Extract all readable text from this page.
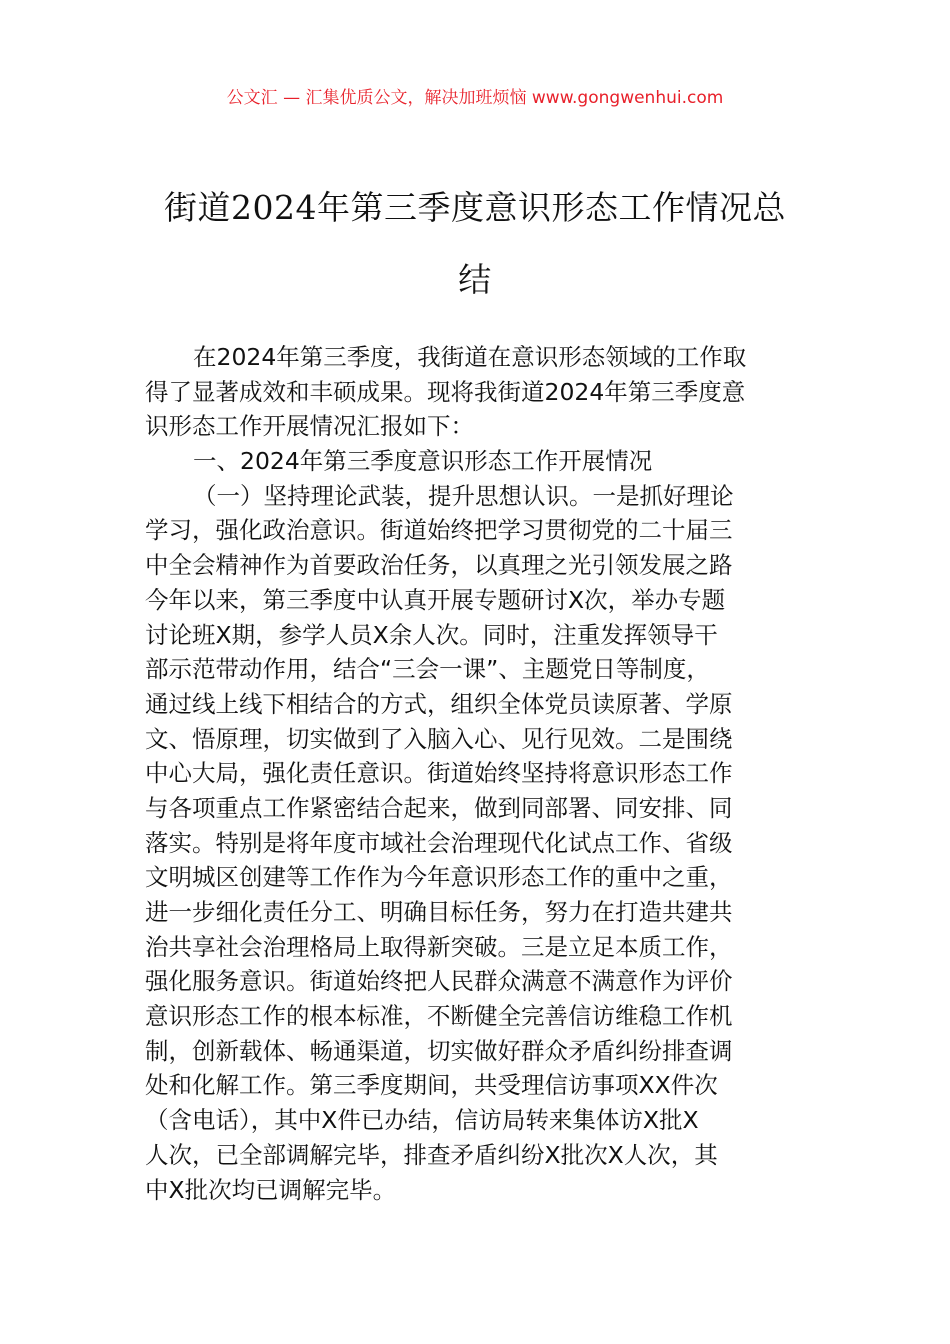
公文汇 — 汇集优质公文，解决加班烦恼 www.gongwenhui.com
街道2024年第三季度意识形态工作情况总
结
在2024年第三季度，我街道在意识形态领域的工作取
得了显著成效和丰硕成果。现将我街道2024年第三季度意
识形态工作开展情况汇报如下：
一、2024年第三季度意识形态工作开展情况
（一）坚持理论武装，提升思想认识。一是抓好理论
学习，强化政治意识。街道始终把学习贯彻党的二十届三
中全会精神作为首要政治任务，以真理之光引领发展之路
今年以来，第三季度中认真开展专题研讨X次，举办专题
讨论班X期，参学人员X余人次。同时，注重发挥领导干
部示范带动作用，结合“三会一课”、主题党日等制度，
通过线上线下相结合的方式，组织全体党员读原著、学原
文、悟原理，切实做到了入脑入心、见行见效。二是围绕
中心大局，强化责任意识。街道始终坚持将意识形态工作
与各项重点工作紧密结合起来，做到同部署、同安排、同
落实。特别是将年度市域社会治理现代化试点工作、省级
文明城区创建等工作作为今年意识形态工作的重中之重，
进一步细化责任分工、明确目标任务，努力在打造共建共
治共享社会治理格局上取得新突破。三是立足本质工作，
强化服务意识。街道始终把人民群众满意不满意作为评价
意识形态工作的根本标准，不断健全完善信访维稳工作机
制，创新载体、畅通渠道，切实做好群众矛盾纠纷排查调
处和化解工作。第三季度期间，共受理信访事项XX件次
（含电话），其中X件已办结，信访局转来集体访X批X
人次，已全部调解完毕，排查矛盾纠纷X批次X人次，其
中X批次均已调解完毕。
